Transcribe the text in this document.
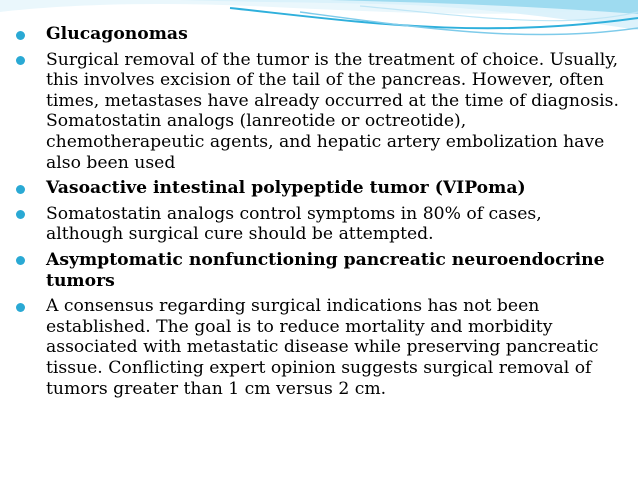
Glucagonomas
Surgical removal of the tumor is the treatment of choice. Usually, this involves excision of the tail of the pancreas. However, often times, metastases have already occurred at the time of diagnosis. Somatostatin analogs (lanreotide or octreotide), chemotherapeutic agents, and hepatic artery embolization have also been used
Vasoactive intestinal polypeptide tumor (VIPoma)
Somatostatin analogs control symptoms in 80% of cases, although surgical cure should be attempted.
Asymptomatic nonfunctioning pancreatic neuroendocrine tumors
A consensus regarding surgical indications has not been established. The goal is to reduce mortality and morbidity associated with metastatic disease while preserving pancreatic tissue. Conflicting expert opinion suggests surgical removal of tumors greater than 1 cm versus 2 cm.
